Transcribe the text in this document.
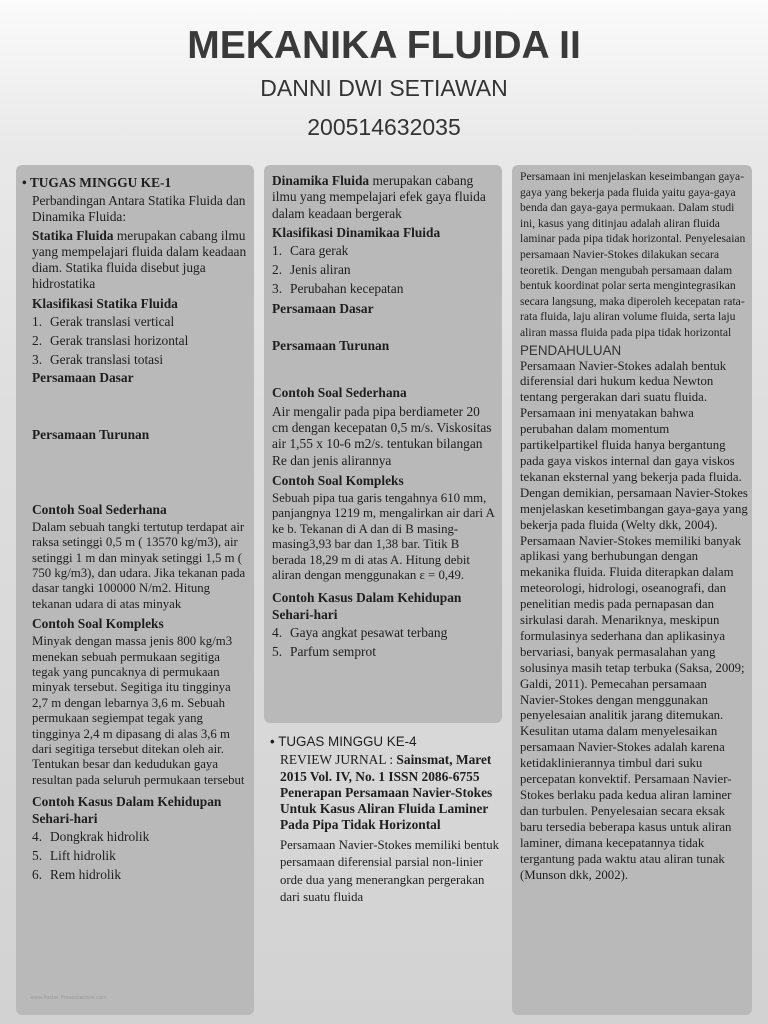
MEKANIKA FLUIDA II
DANNI DWI SETIAWAN
200514632035

• TUGAS MINGGU KE-1

Perbandingan Antara Statika Fluida dan Dinamika Fluida:

Statika Fluida merupakan cabang ilmu yang mempelajari fluida dalam keadaan diam. Statika fluida disebut juga hidrostatika

Klasifikasi Statika Fluida

1. Gerak translasi vertical
2. Gerak translasi horizontal
3. Gerak translasi totasi

Persamaan Dasar

Persamaan Turunan

Contoh Soal Sederhana

Dalam sebuah tangki tertutup terdapat air raksa setinggi 0,5 m ( 13570 kg/m3), air setinggi 1 m dan minyak setinggi 1,5 m ( 750 kg/m3), dan udara. Jika tekanan pada dasar tangki 100000 N/m2. Hitung tekanan udara di atas minyak

Contoh Soal Kompleks

Minyak dengan massa jenis 800 kg/m3 menekan sebuah permukaan segitiga tegak yang puncaknya di permukaan minyak tersebut. Segitiga itu tingginya 2,7 m dengan lebarnya 3,6 m. Sebuah permukaan segiempat tegak yang tingginya 2,4 m dipasang di alas 3,6 m dari segitiga tersebut ditekan oleh air. Tentukan besar dan kedudukan gaya resultan pada seluruh permukaan tersebut

Contoh Kasus Dalam Kehidupan Sehari-hari

4. Dongkrak hidrolik
5. Lift hidrolik
6. Rem hidrolik

Dinamika Fluida merupakan cabang ilmu yang mempelajari efek gaya fluida dalam keadaan bergerak

Klasifikasi Dinamikaa Fluida

1. Cara gerak
2. Jenis aliran
3. Perubahan kecepatan

Persamaan Dasar

Persamaan Turunan

Contoh Soal Sederhana

Air mengalir pada pipa berdiameter 20 cm dengan kecepatan 0,5 m/s. Viskositas air 1,55 x 10-6 m2/s. tentukan bilangan Re dan jenis alirannya

Contoh Soal Kompleks

Sebuah pipa tua garis tengahnya 610 mm, panjangnya 1219 m, mengalirkan air dari A ke b. Tekanan di A dan di B masing-masing3,93 bar dan 1,38 bar. Titik B berada 18,29 m di atas A. Hitung debit aliran dengan menggunakan ε = 0,49.

Contoh Kasus Dalam Kehidupan Sehari-hari

4. Gaya angkat pesawat terbang
5. Parfum semprot

• TUGAS MINGGU KE-4

REVIEW JURNAL : Sainsmat, Maret 2015 Vol. IV, No. 1 ISSN 2086-6755

Penerapan Persamaan Navier-Stokes Untuk Kasus Aliran Fluida Laminer Pada Pipa Tidak Horizontal

Persamaan Navier-Stokes memiliki bentuk persamaan diferensial parsial non-linier orde dua yang menerangkan pergerakan dari suatu fluida

Persamaan ini menjelaskan keseimbangan gaya-gaya yang bekerja pada fluida yaitu gaya-gaya benda dan gaya-gaya permukaan. Dalam studi ini, kasus yang ditinjau adalah aliran fluida laminar pada pipa tidak horizontal. Penyelesaian persamaan Navier-Stokes dilakukan secara teoretik. Dengan mengubah persamaan dalam bentuk koordinat polar serta mengintegrasikan secara langsung, maka diperoleh kecepatan rata-rata fluida, laju aliran volume fluida, serta laju aliran massa fluida pada pipa tidak horizontal

PENDAHULUAN

Persamaan Navier-Stokes adalah bentuk diferensial dari hukum kedua Newton tentang pergerakan dari suatu fluida. Persamaan ini menyatakan bahwa perubahan dalam momentum partikelpartikel fluida hanya bergantung pada gaya viskos internal dan gaya viskos tekanan eksternal yang bekerja pada fluida. Dengan demikian, persamaan Navier-Stokes menjelaskan kesetimbangan gaya-gaya yang bekerja pada fluida (Welty dkk, 2004). Persamaan Navier-Stokes memiliki banyak aplikasi yang berhubungan dengan mekanika fluida. Fluida diterapkan dalam meteorologi, hidrologi, oseanografi, dan penelitian medis pada pernapasan dan sirkulasi darah. Menariknya, meskipun formulasinya sederhana dan aplikasinya bervariasi, banyak permasalahan yang solusinya masih tetap terbuka (Saksa, 2009; Galdi, 2011). Pemecahan persamaan Navier-Stokes dengan menggunakan penyelesaian analitik jarang ditemukan. Kesulitan utama dalam menyelesaikan persamaan Navier-Stokes adalah karena ketidaklinierannya timbul dari suku percepatan konvektif. Persamaan Navier-Stokes berlaku pada kedua aliran laminer dan turbulen. Penyelesaian secara eksak baru tersedia beberapa kasus untuk aliran laminer, dimana kecepatannya tidak tergantung pada waktu atau aliran tunak (Munson dkk, 2002).

www.Poster Presentations.com
